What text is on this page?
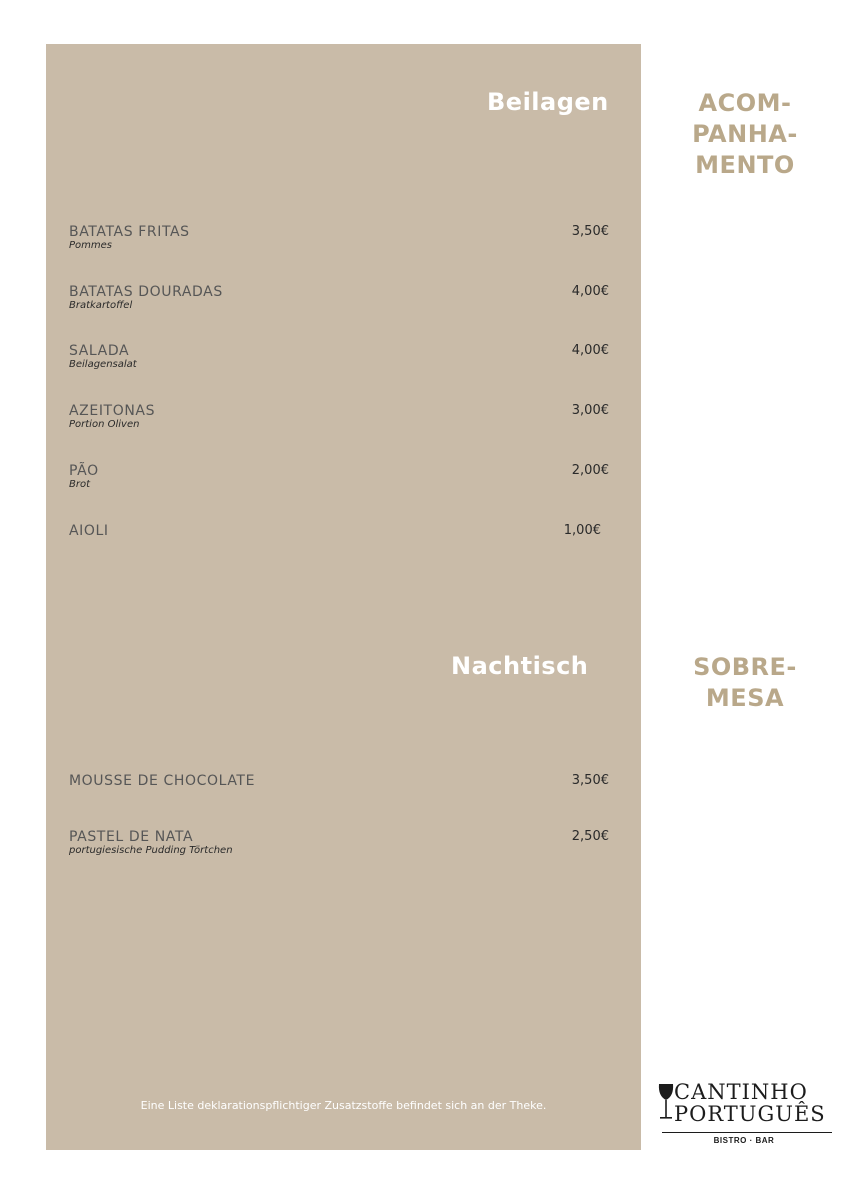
Beilagen	ACOM-
PANHA-
MENTO
BATATAS FRITAS
Pommes
3,50€
BATATAS DOURADAS
Bratkartoffel
4,00€
SALADA
Beilagensalat
4,00€
AZEITONAS
Portion Oliven
3,00€
PÃO
Brot
2,00€
AIOLI	1,00€
Nachtisch	SOBRE-
MESA
MOUSSE DE CHOCOLATE	3,50€
PASTEL DE NATA
portugiesische Pudding Törtchen
2,50€
Eine Liste deklarationspflichtiger Zusatzstoffe befindet sich an der Theke.
CANTINHO
PORTUGUÊS
BISTRO · BAR
